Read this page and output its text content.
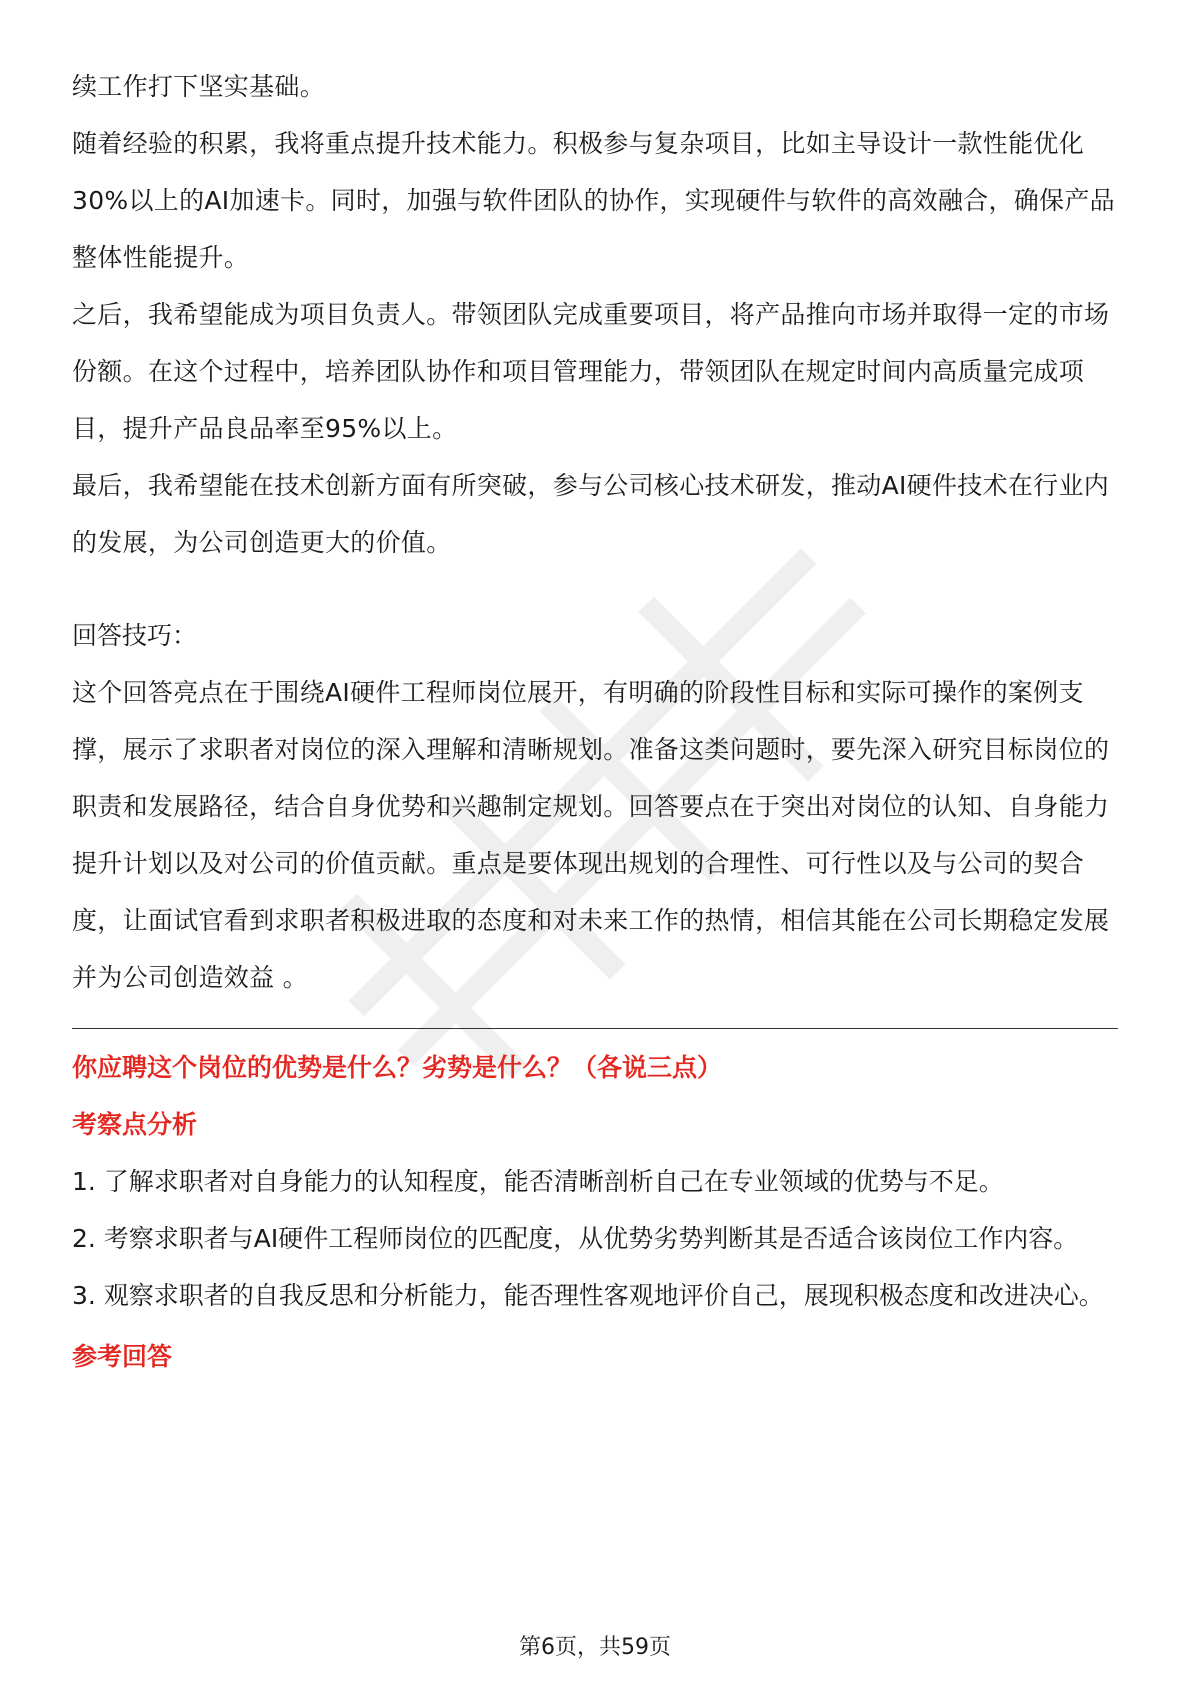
续工作打下坚实基础。

随着经验的积累，我将重点提升技术能力。积极参与复杂项目，比如主导设计一款性能优化30%以上的AI加速卡。同时，加强与软件团队的协作，实现硬件与软件的高效融合，确保产品整体性能提升。

之后，我希望能成为项目负责人。带领团队完成重要项目，将产品推向市场并取得一定的市场份额。在这个过程中，培养团队协作和项目管理能力，带领团队在规定时间内高质量完成项目，提升产品良品率至95%以上。

最后，我希望能在技术创新方面有所突破，参与公司核心技术研发，推动AI硬件技术在行业内的发展，为公司创造更大的价值。

回答技巧：

这个回答亮点在于围绕AI硬件工程师岗位展开，有明确的阶段性目标和实际可操作的案例支撑，展示了求职者对岗位的深入理解和清晰规划。准备这类问题时，要先深入研究目标岗位的职责和发展路径，结合自身优势和兴趣制定规划。回答要点在于突出对岗位的认知、自身能力提升计划以及对公司的价值贡献。重点是要体现出规划的合理性、可行性以及与公司的契合度，让面试官看到求职者积极进取的态度和对未来工作的热情，相信其能在公司长期稳定发展并为公司创造效益 。

你应聘这个岗位的优势是什么？劣势是什么？（各说三点）

考察点分析

1. 了解求职者对自身能力的认知程度，能否清晰剖析自己在专业领域的优势与不足。

2. 考察求职者与AI硬件工程师岗位的匹配度，从优势劣势判断其是否适合该岗位工作内容。

3. 观察求职者的自我反思和分析能力，能否理性客观地评价自己，展现积极态度和改进决心。

参考回答

第6页，共59页
